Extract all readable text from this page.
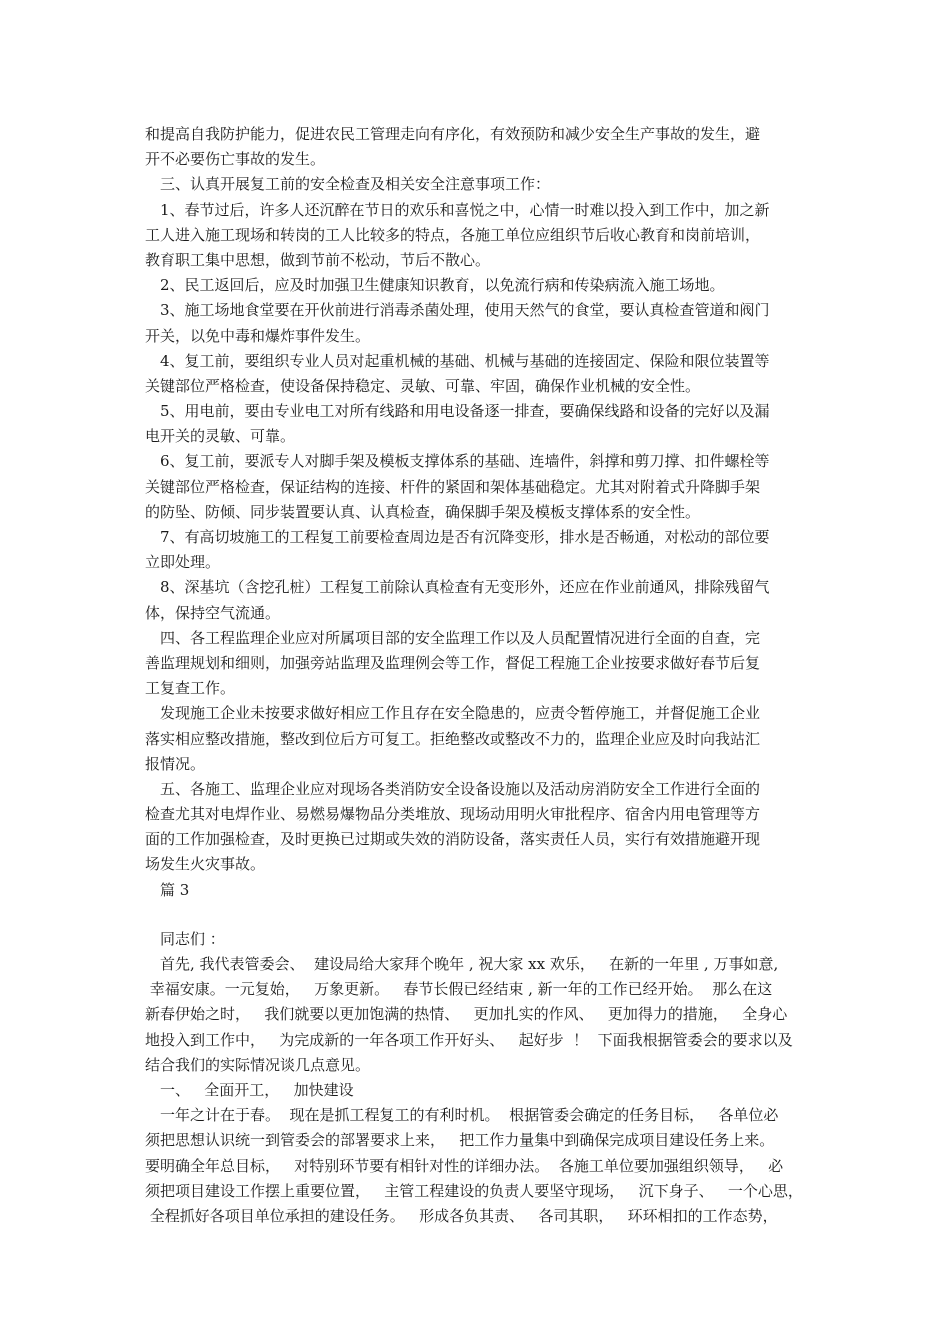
和提高自我防护能力，促进农民工管理走向有序化，有效预防和减少安全生产事故的发生，避
开不必要伤亡事故的发生。
　三、认真开展复工前的安全检查及相关安全注意事项工作：
　1、春节过后，许多人还沉醉在节日的欢乐和喜悦之中，心情一时难以投入到工作中，加之新
工人进入施工现场和转岗的工人比较多的特点，各施工单位应组织节后收心教育和岗前培训，
教育职工集中思想，做到节前不松动，节后不散心。
　2、民工返回后，应及时加强卫生健康知识教育，以免流行病和传染病流入施工场地。
　3、施工场地食堂要在开伙前进行消毒杀菌处理，使用天然气的食堂，要认真检查管道和阀门
开关，以免中毒和爆炸事件发生。
　4、复工前，要组织专业人员对起重机械的基础、机械与基础的连接固定、保险和限位装置等
关键部位严格检查，使设备保持稳定、灵敏、可靠、牢固，确保作业机械的安全性。
　5、用电前，要由专业电工对所有线路和用电设备逐一排查，要确保线路和设备的完好以及漏
电开关的灵敏、可靠。
　6、复工前，要派专人对脚手架及模板支撑体系的基础、连墙件，斜撑和剪刀撑、扣件螺栓等
关键部位严格检查，保证结构的连接、杆件的紧固和架体基础稳定。尤其对附着式升降脚手架
的防坠、防倾、同步装置要认真、认真检查，确保脚手架及模板支撑体系的安全性。
　7、有高切坡施工的工程复工前要检查周边是否有沉降变形，排水是否畅通，对松动的部位要
立即处理。
　8、深基坑（含挖孔桩）工程复工前除认真检查有无变形外，还应在作业前通风，排除残留气
体，保持空气流通。
　四、各工程监理企业应对所属项目部的安全监理工作以及人员配置情况进行全面的自查，完
善监理规划和细则，加强旁站监理及监理例会等工作，督促工程施工企业按要求做好春节后复
工复查工作。
　发现施工企业未按要求做好相应工作且存在安全隐患的，应责令暂停施工，并督促施工企业
落实相应整改措施，整改到位后方可复工。拒绝整改或整改不力的，监理企业应及时向我站汇
报情况。
　五、各施工、监理企业应对现场各类消防安全设备设施以及活动房消防安全工作进行全面的
检查尤其对电焊作业、易燃易爆物品分类堆放、现场动用明火审批程序、宿舍内用电管理等方
面的工作加强检查，及时更换已过期或失效的消防设备，落实责任人员，实行有效措施避开现
场发生火灾事故。
　篇 3
　同志们 ：
　首先, 我代表管委会、  建设局给大家拜个晚年 , 祝大家 xx 欢乐，   在新的一年里 , 万事如意,
幸福安康。一元复始，   万象更新。   春节长假已经结束 , 新一年的工作已经开始。  那么在这
新春伊始之时，   我们就要以更加饱满的热情、   更加扎实的作风、   更加得力的措施，   全身心
地投入到工作中，   为完成新的一年各项工作开好头、   起好步  ！  下面我根据管委会的要求以及
结合我们的实际情况谈几点意见。
　一、   全面开工，   加快建设
　一年之计在于春。  现在是抓工程复工的有利时机。  根据管委会确定的任务目标，   各单位必
须把思想认识统一到管委会的部署要求上来，   把工作力量集中到确保完成项目建设任务上来。
要明确全年总目标，   对特别环节要有相针对性的详细办法。  各施工单位要加强组织领导，   必
须把项目建设工作摆上重要位置，   主管工程建设的负责人要坚守现场，   沉下身子、   一个心思，
全程抓好各项目单位承担的建设任务。   形成各负其责、   各司其职，   环环相扣的工作态势，
